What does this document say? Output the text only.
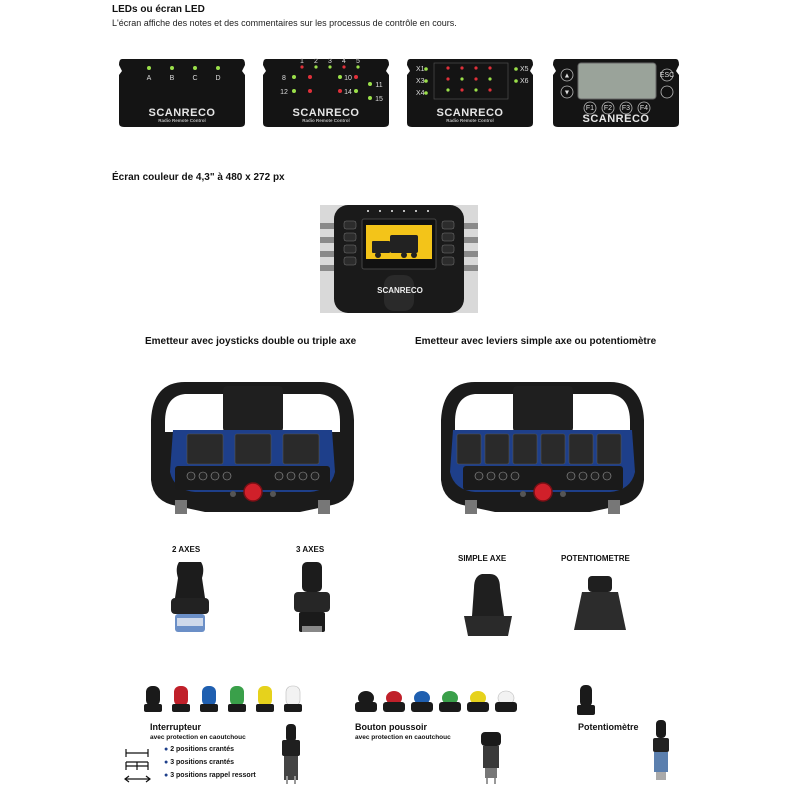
LEDs ou écran LED
L'écran affiche des notes et des commentaires sur les processus de contrôle en cours.
A	B	C	D
SCANRECO
Radio Remote Control
1 2 3 4 5
8
12
10
11
14
15
SCANRECO
Radio Remote Control
X1
X3
X4
X5
X6
SCANRECO
Radio Remote Control
▲
▼
ESC
F1 F2 F3 F4
SCANRECO
Écran couleur de 4,3" à 480 x 272 px
SCANRECO
Emetteur avec joysticks double ou triple axe	Emetteur avec leviers simple axe ou potentiomètre
2 AXES	3 AXES
SIMPLE AXE	POTENTIOMETRE
Interrupteur
avec protection en caoutchouc
● 2 positions crantés
● 3 positions crantés
● 3 positions rappel ressort
Bouton poussoir
avec protection en caoutchouc
Potentiomètre
